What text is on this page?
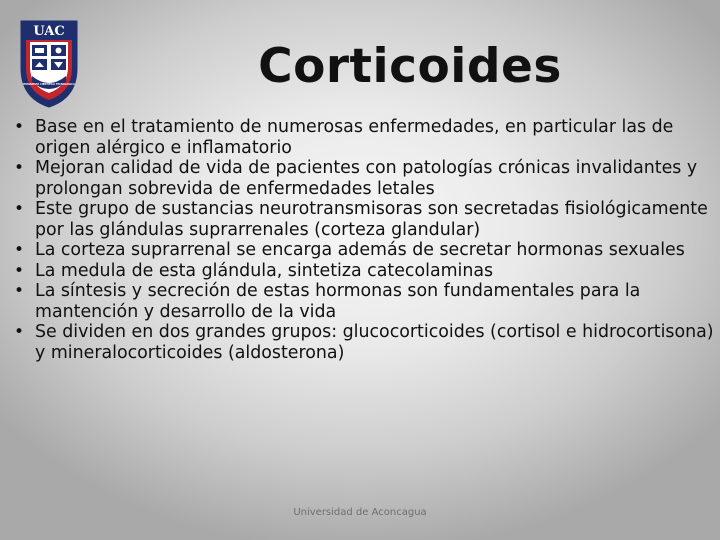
UAC
HUMANISTA CIENTIFICA TECNOLOGICA	Corticoides
• Base en el tratamiento de numerosas enfermedades, en particular las de origen alérgico e inflamatorio
• Mejoran calidad de vida de pacientes con patologías crónicas invalidantes y prolongan sobrevida de enfermedades letales
• Este grupo de sustancias neurotransmisoras son secretadas fisiológicamente por las glándulas suprarrenales (corteza glandular)
• La corteza suprarrenal se encarga además de secretar hormonas sexuales
• La medula de esta glándula, sintetiza catecolaminas
• La síntesis y secreción de estas hormonas son fundamentales para la mantención y desarrollo de la vida
• Se dividen en dos grandes grupos: glucocorticoides (cortisol e hidrocortisona) y mineralocorticoides (aldosterona)
Universidad de Aconcagua
